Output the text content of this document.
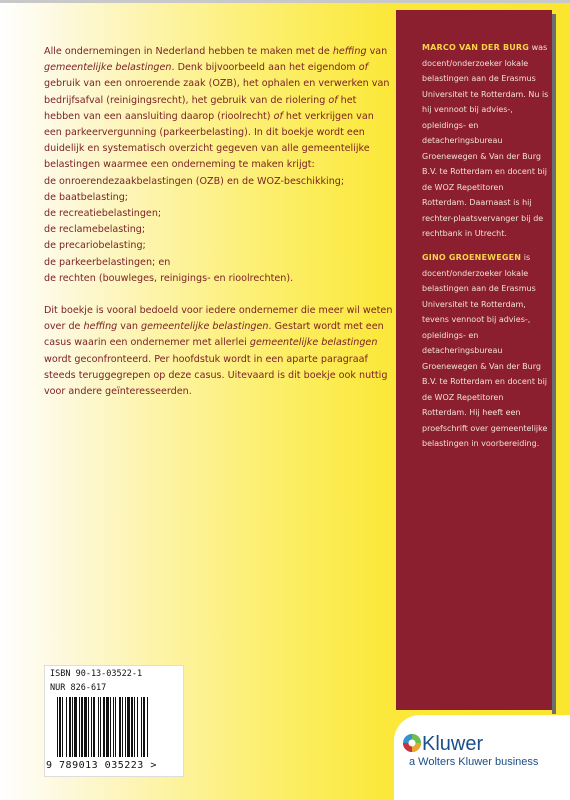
Alle ondernemingen in Nederland hebben te maken met de heffing van gemeentelijke belastingen. Denk bijvoorbeeld aan het eigendom of gebruik van een onroerende zaak (OZB), het ophalen en verwerken van bedrijfsafval (reinigingsrecht), het gebruik van de riolering of het hebben van een aansluiting daarop (rioolrecht) of het verkrijgen van een parkeervergunning (parkeerbelasting). In dit boekje wordt een duidelijk en systematisch overzicht gegeven van alle gemeentelijke belastingen waarmee een onderneming te maken krijgt:

de onroerendezaakbelastingen (OZB) en de WOZ-beschikking;
de baatbelasting;
de recreatiebelastingen;
de reclamebelasting;
de precariobelasting;
de parkeerbelastingen; en
de rechten (bouwleges, reinigings- en rioolrechten).

Dit boekje is vooral bedoeld voor iedere ondernemer die meer wil weten over de heffing van gemeentelijke belastingen. Gestart wordt met een casus waarin een ondernemer met allerlei gemeentelijke belastingen wordt geconfronteerd. Per hoofdstuk wordt in een aparte paragraaf steeds teruggegrepen op deze casus. Uitevaard is dit boekje ook nuttig voor andere geïnteresseerden.

MARCO VAN DER BURG was docent/onderzoeker lokale belastingen aan de Erasmus Universiteit te Rotterdam. Nu is hij vennoot bij advies-, opleidings- en detacheringsbureau Groenewegen & Van der Burg B.V. te Rotterdam en docent bij de WOZ Repetitoren Rotterdam. Daarnaast is hij rechter-plaatsvervanger bij de rechtbank in Utrecht.
GINO GROENEWEGEN is docent/onderzoeker lokale belastingen aan de Erasmus Universiteit te Rotterdam, tevens vennoot bij advies-, opleidings- en detacheringsbureau Groenewegen & Van der Burg B.V. te Rotterdam en docent bij de WOZ Repetitoren Rotterdam. Hij heeft een proefschrift over gemeentelijke belastingen in voorbereiding.
ISBN 90-13-03522-1
NUR 826-617
9 789013 035223 >
Kluwer
a Wolters Kluwer business
